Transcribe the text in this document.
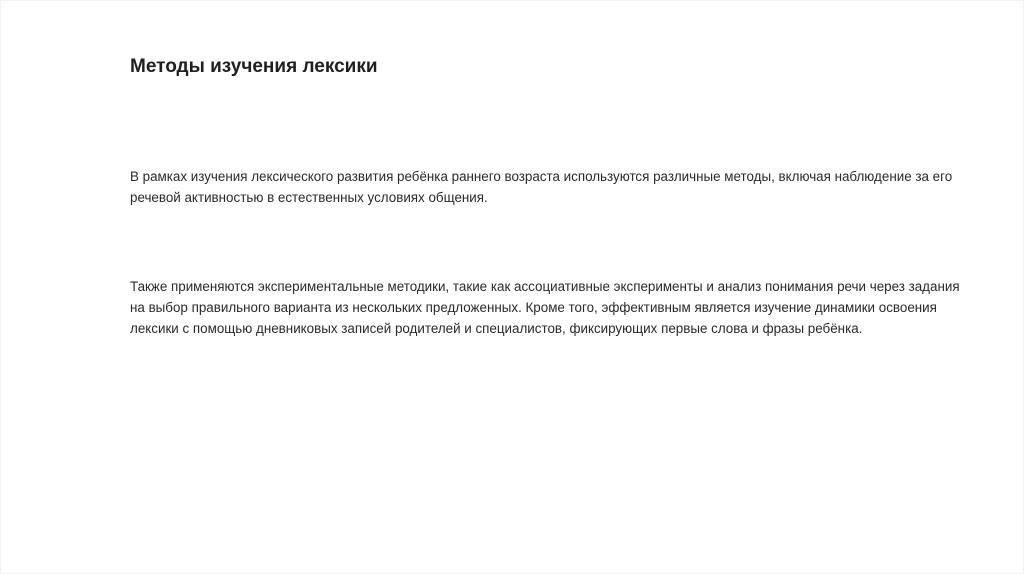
Методы изучения лексики

В рамках изучения лексического развития ребёнка раннего возраста используются различные методы, включая наблюдение за его речевой активностью в естественных условиях общения.

Также применяются экспериментальные методики, такие как ассоциативные эксперименты и анализ понимания речи через задания на выбор правильного варианта из нескольких предложенных. Кроме того, эффективным является изучение динамики освоения лексики с помощью дневниковых записей родителей и специалистов, фиксирующих первые слова и фразы ребёнка.
